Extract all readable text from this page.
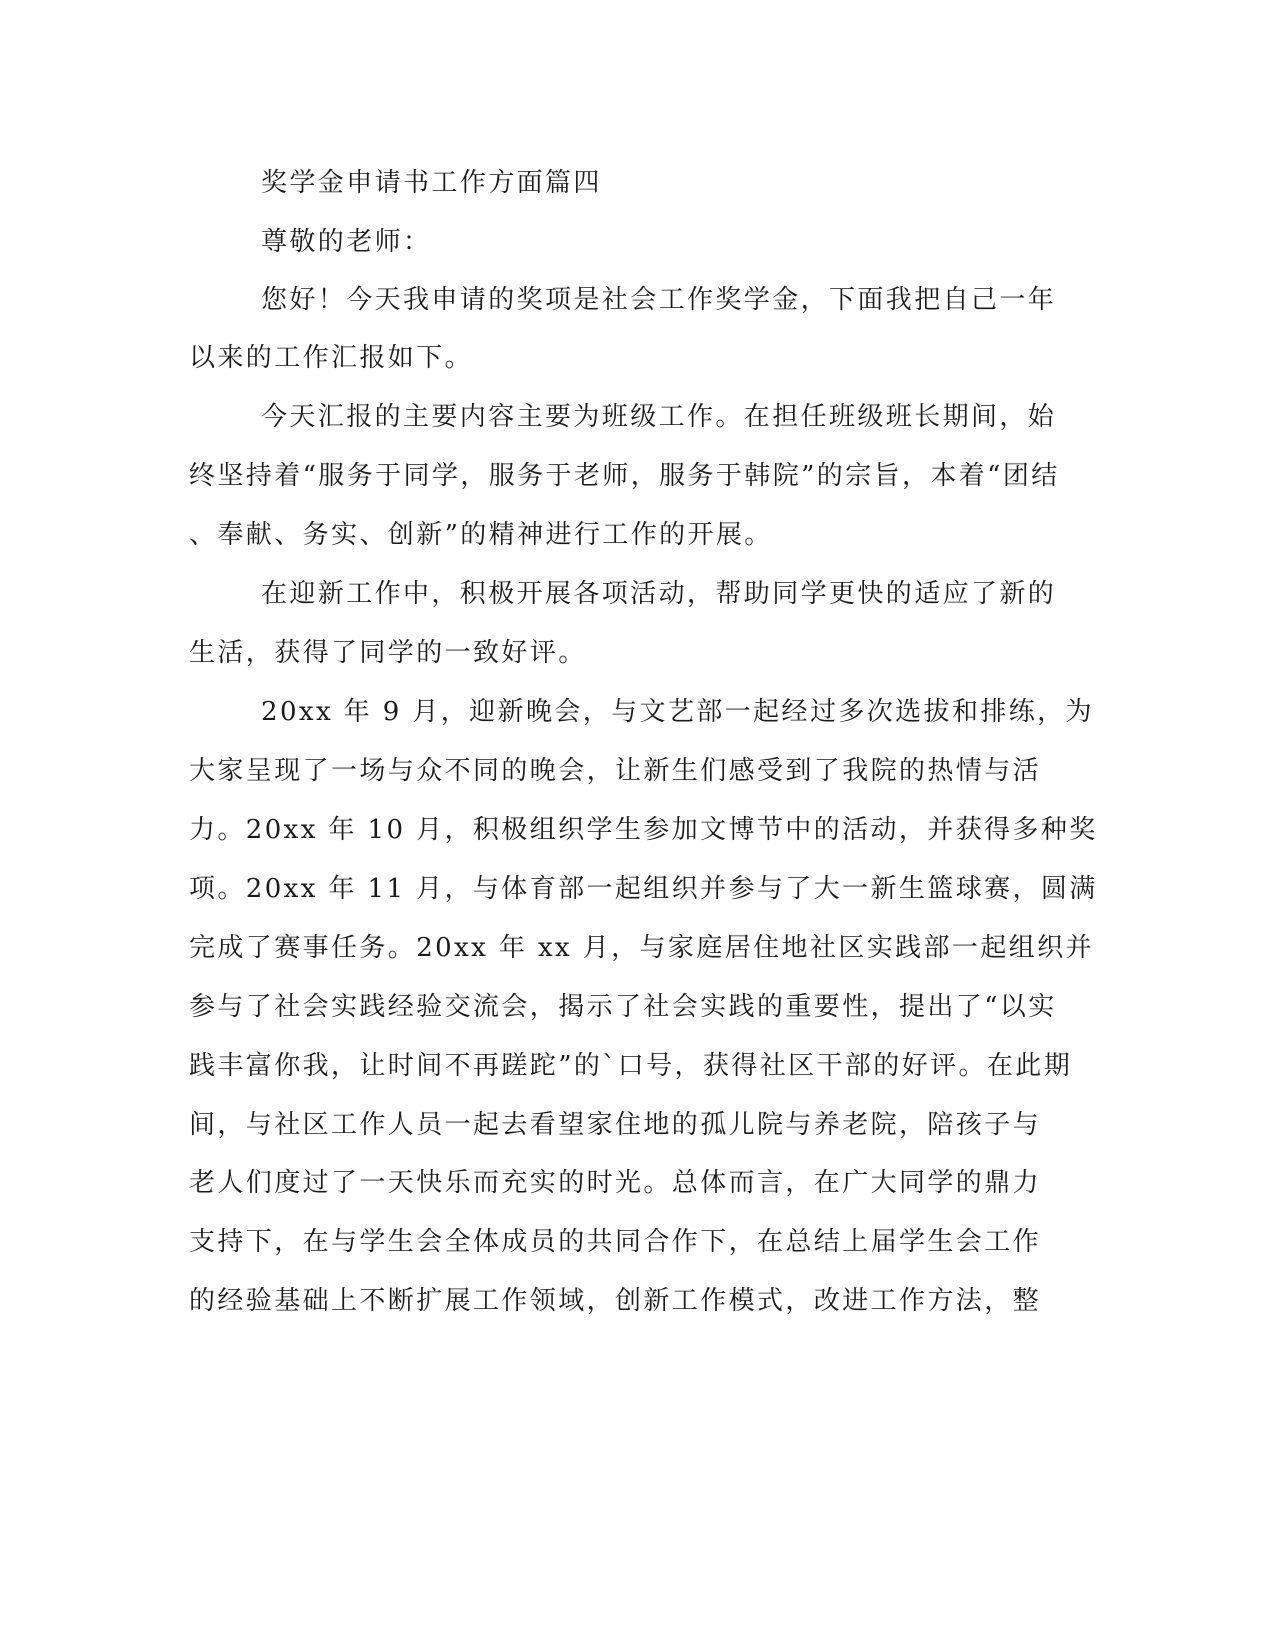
奖学金申请书工作方面篇四
尊敬的老师：
您好！今天我申请的奖项是社会工作奖学金，下面我把自己一年
以来的工作汇报如下。
今天汇报的主要内容主要为班级工作。在担任班级班长期间，始
终坚持着“服务于同学，服务于老师，服务于韩院”的宗旨，本着“团结
、奉献、务实、创新”的精神进行工作的开展。
在迎新工作中，积极开展各项活动，帮助同学更快的适应了新的
生活，获得了同学的一致好评。
20xx 年 9 月，迎新晚会，与文艺部一起经过多次选拔和排练，为
大家呈现了一场与众不同的晚会，让新生们感受到了我院的热情与活
力。20xx 年 10 月，积极组织学生参加文博节中的活动，并获得多种奖
项。20xx 年 11 月，与体育部一起组织并参与了大一新生篮球赛，圆满
完成了赛事任务。20xx 年 xx 月，与家庭居住地社区实践部一起组织并
参与了社会实践经验交流会，揭示了社会实践的重要性，提出了“以实
践丰富你我，让时间不再蹉跎”的`口号，获得社区干部的好评。在此期
间，与社区工作人员一起去看望家住地的孤儿院与养老院，陪孩子与
老人们度过了一天快乐而充实的时光。总体而言，在广大同学的鼎力
支持下，在与学生会全体成员的共同合作下，在总结上届学生会工作
的经验基础上不断扩展工作领域，创新工作模式，改进工作方法，整
